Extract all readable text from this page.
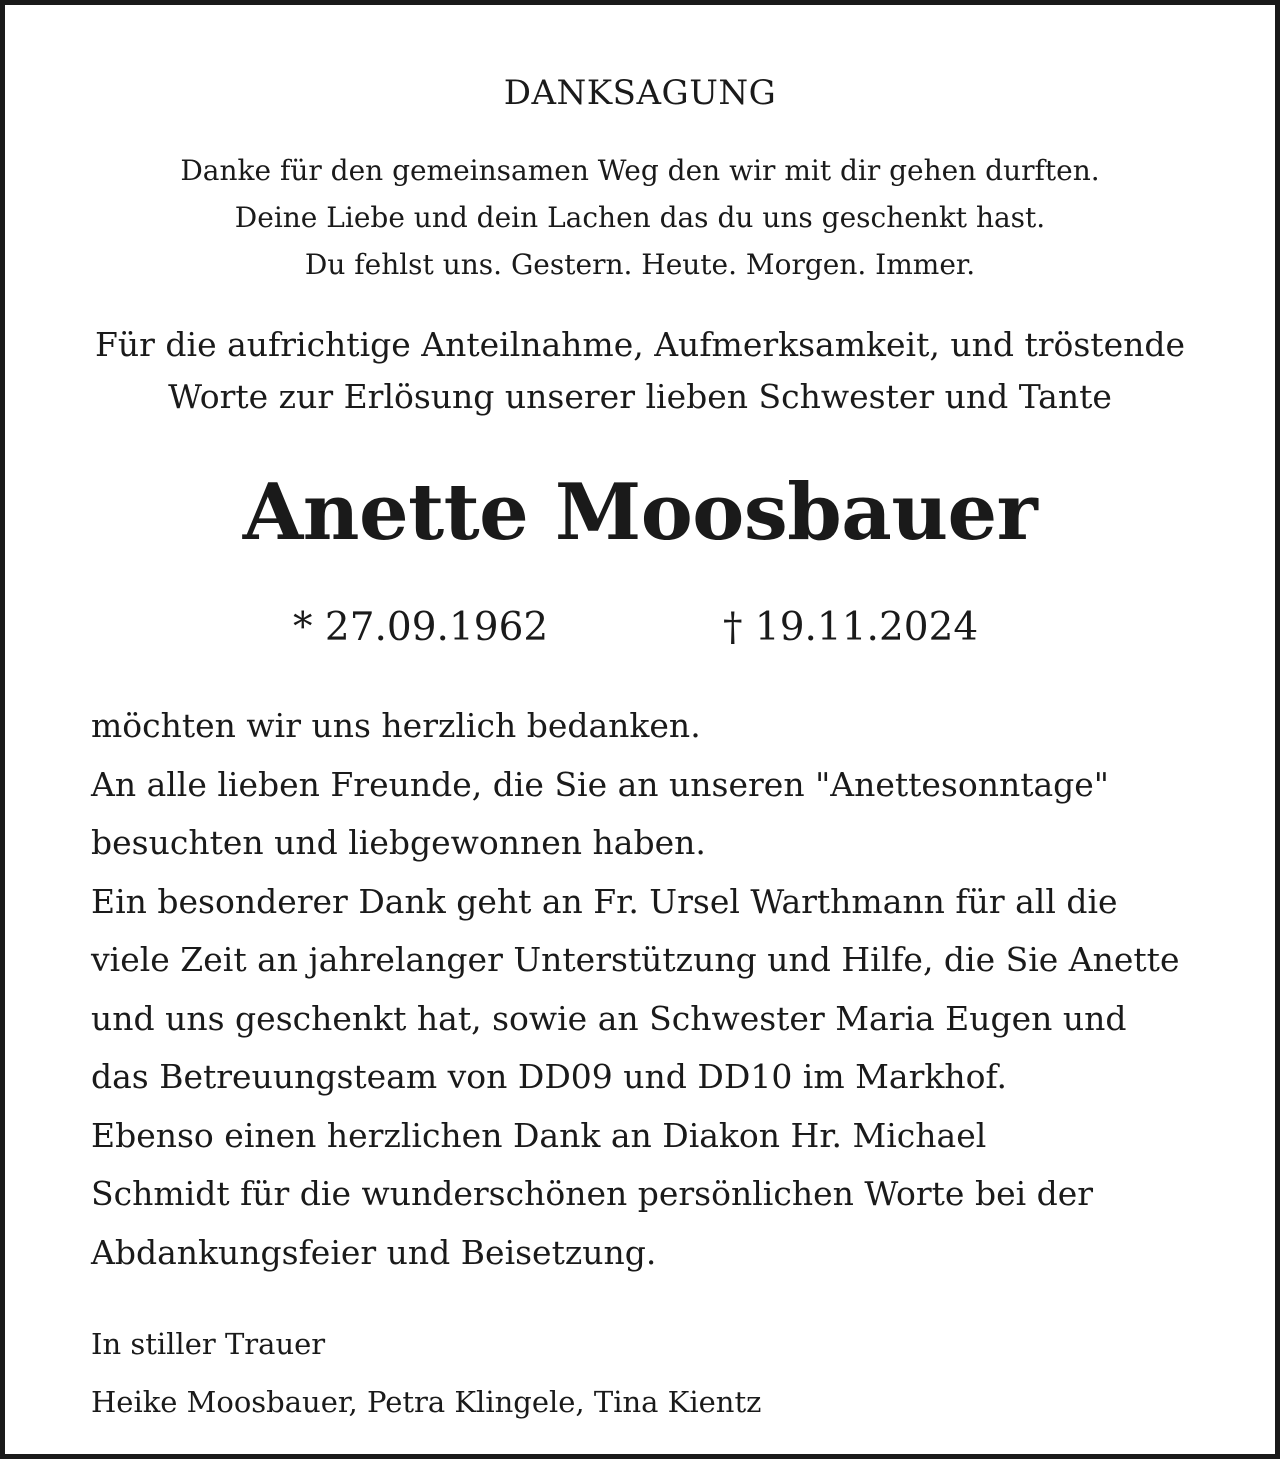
DANKSAGUNG
Danke für den gemeinsamen Weg den wir mit dir gehen durften.
Deine Liebe und dein Lachen das du uns geschenkt hast.
Du fehlst uns. Gestern. Heute. Morgen. Immer.
Für die aufrichtige Anteilnahme, Aufmerksamkeit, und tröstende
Worte zur Erlösung unserer lieben Schwester und Tante
Anette Moosbauer
* 27.09.1962	† 19.11.2024
möchten wir uns herzlich bedanken.
An alle lieben Freunde, die Sie an unseren "Anettesonntage"
besuchten und liebgewonnen haben.
Ein besonderer Dank geht an Fr. Ursel Warthmann für all die
viele Zeit an jahrelanger Unterstützung und Hilfe, die Sie Anette
und uns geschenkt hat, sowie an Schwester Maria Eugen und
das Betreuungsteam von DD09 und DD10 im Markhof.
Ebenso einen herzlichen Dank an Diakon Hr. Michael
Schmidt für die wunderschönen persönlichen Worte bei der
Abdankungsfeier und Beisetzung.
In stiller Trauer
Heike Moosbauer, Petra Klingele, Tina Kientz
